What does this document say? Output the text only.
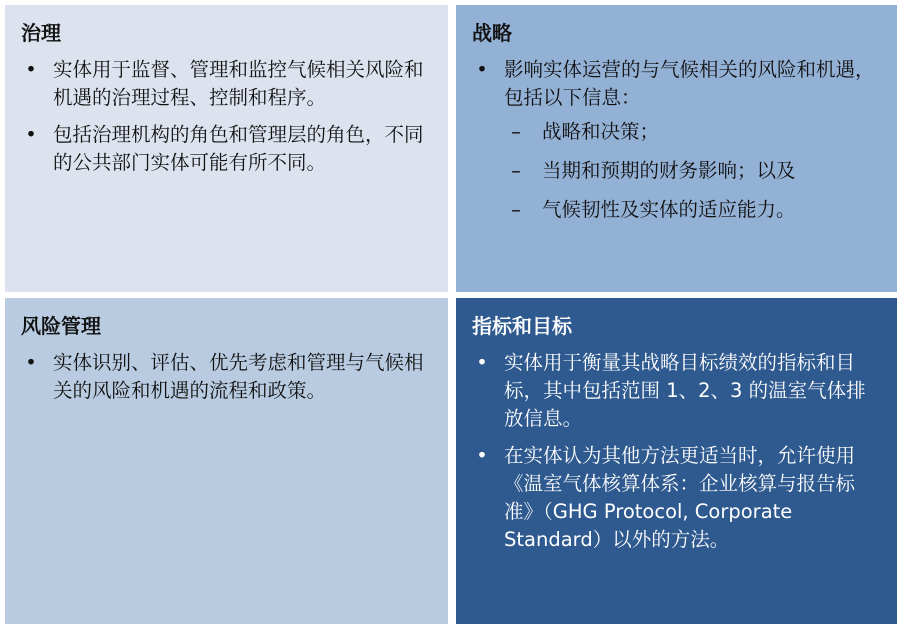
治理
• 实体用于监督、管理和监控气候相关风险和机遇的治理过程、控制和程序。
• 包括治理机构的角色和管理层的角色，不同的公共部门实体可能有所不同。
战略
• 影响实体运营的与气候相关的风险和机遇，包括以下信息：
–	战略和决策；
–	当期和预期的财务影响；以及
–	气候韧性及实体的适应能力。
风险管理
• 实体识别、评估、优先考虑和管理与气候相关的风险和机遇的流程和政策。
指标和目标
• 实体用于衡量其战略目标绩效的指标和目标，其中包括范围 1、2、3 的温室气体排放信息。
• 在实体认为其他方法更适当时，允许使用《温室气体核算体系：企业核算与报告标准》（GHG Protocol, Corporate Standard）以外的方法。
